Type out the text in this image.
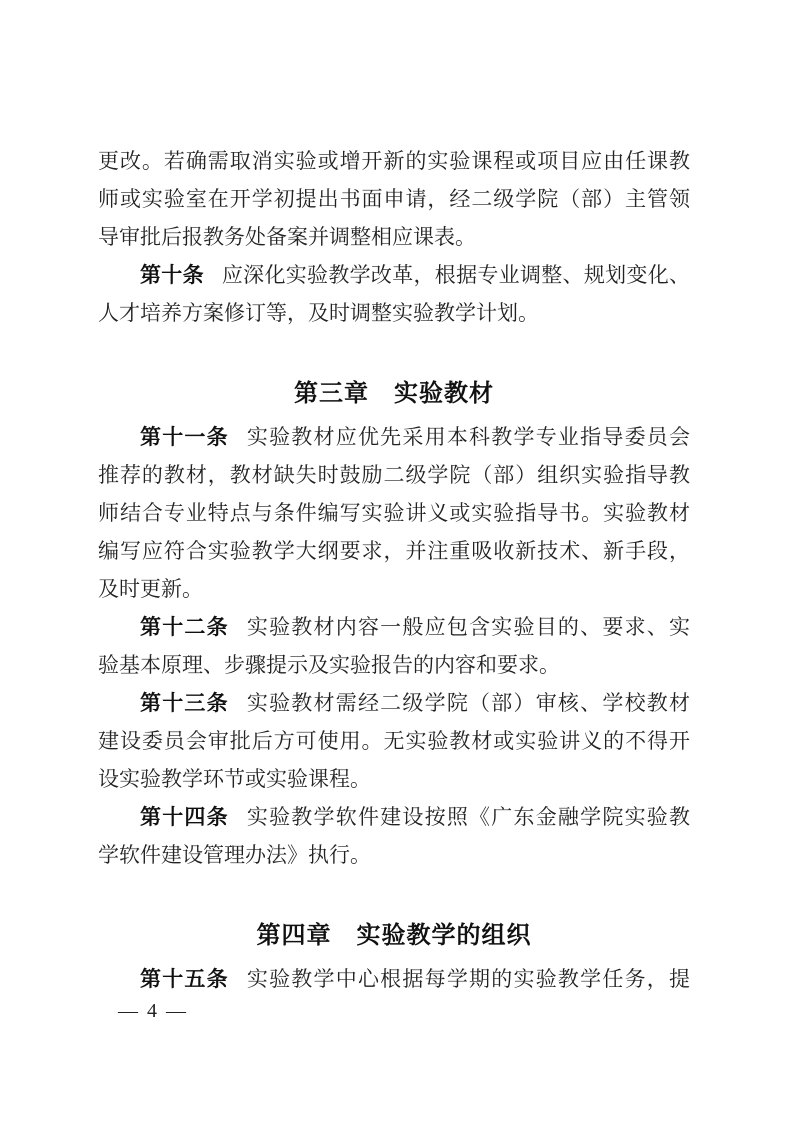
更改。若确需取消实验或增开新的实验课程或项目应由任课教
师或实验室在开学初提出书面申请，经二级学院（部）主管领
导审批后报教务处备案并调整相应课表。
第十条 应深化实验教学改革，根据专业调整、规划变化、
人才培养方案修订等，及时调整实验教学计划。
第三章　实验教材
第十一条 实验教材应优先采用本科教学专业指导委员会
推荐的教材，教材缺失时鼓励二级学院（部）组织实验指导教
师结合专业特点与条件编写实验讲义或实验指导书。实验教材
编写应符合实验教学大纲要求，并注重吸收新技术、新手段，
及时更新。
第十二条 实验教材内容一般应包含实验目的、要求、实
验基本原理、步骤提示及实验报告的内容和要求。
第十三条 实验教材需经二级学院（部）审核、学校教材
建设委员会审批后方可使用。无实验教材或实验讲义的不得开
设实验教学环节或实验课程。
第十四条 实验教学软件建设按照《广东金融学院实验教
学软件建设管理办法》执行。
第四章　实验教学的组织
第十五条 实验教学中心根据每学期的实验教学任务，提
— 4 —
